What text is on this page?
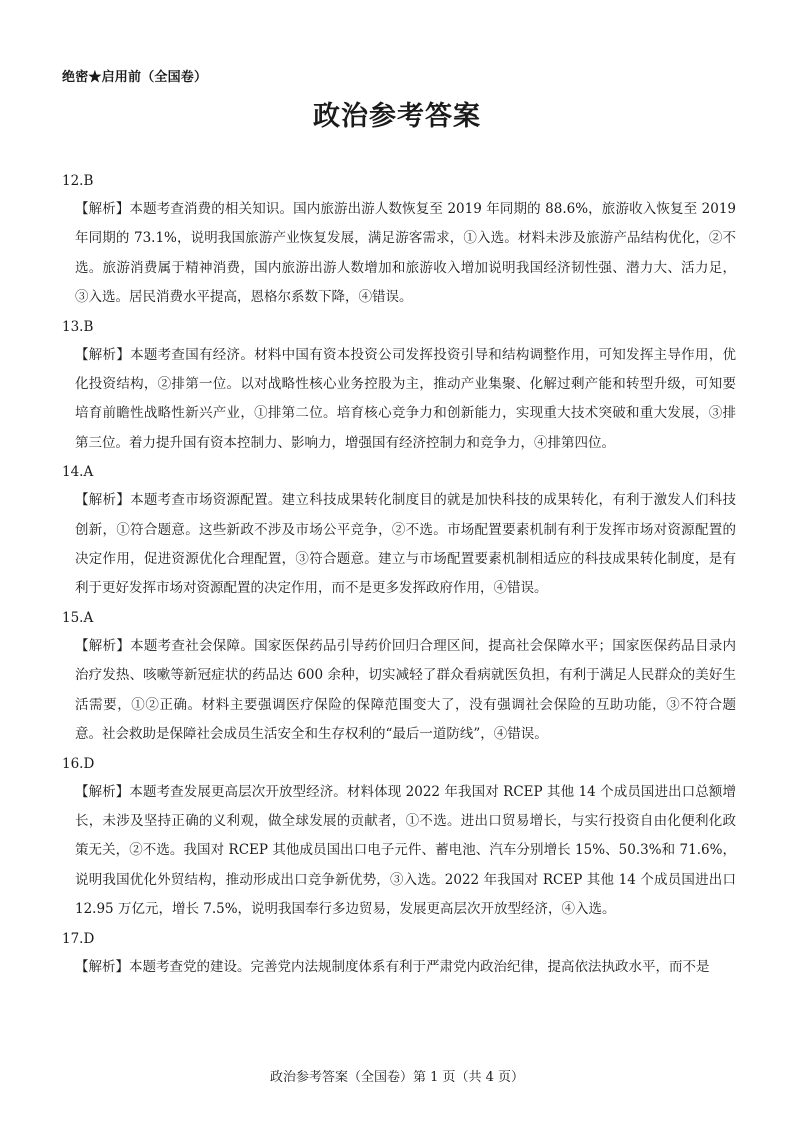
绝密★启用前（全国卷）
政治参考答案
12.B
【解析】本题考查消费的相关知识。国内旅游出游人数恢复至 2019 年同期的 88.6%，旅游收入恢复至 2019 年同期的 73.1%，说明我国旅游产业恢复发展，满足游客需求，①入选。材料未涉及旅游产品结构优化，②不选。旅游消费属于精神消费，国内旅游出游人数增加和旅游收入增加说明我国经济韧性强、潜力大、活力足，③入选。居民消费水平提高，恩格尔系数下降，④错误。
13.B
【解析】本题考查国有经济。材料中国有资本投资公司发挥投资引导和结构调整作用，可知发挥主导作用，优化投资结构，②排第一位。以对战略性核心业务控股为主，推动产业集聚、化解过剩产能和转型升级，可知要培育前瞻性战略性新兴产业，①排第二位。培育核心竞争力和创新能力，实现重大技术突破和重大发展，③排第三位。着力提升国有资本控制力、影响力，增强国有经济控制力和竞争力，④排第四位。
14.A
【解析】本题考查市场资源配置。建立科技成果转化制度目的就是加快科技的成果转化，有利于激发人们科技创新，①符合题意。这些新政不涉及市场公平竞争，②不选。市场配置要素机制有利于发挥市场对资源配置的决定作用，促进资源优化合理配置，③符合题意。建立与市场配置要素机制相适应的科技成果转化制度，是有利于更好发挥市场对资源配置的决定作用，而不是更多发挥政府作用，④错误。
15.A
【解析】本题考查社会保障。国家医保药品引导药价回归合理区间，提高社会保障水平；国家医保药品目录内治疗发热、咳嗽等新冠症状的药品达 600 余种，切实减轻了群众看病就医负担，有利于满足人民群众的美好生活需要，①②正确。材料主要强调医疗保险的保障范围变大了，没有强调社会保险的互助功能，③不符合题意。社会救助是保障社会成员生活安全和生存权利的“最后一道防线”，④错误。
16.D
【解析】本题考查发展更高层次开放型经济。材料体现 2022 年我国对 RCEP 其他 14 个成员国进出口总额增长，未涉及坚持正确的义利观，做全球发展的贡献者，①不选。进出口贸易增长，与实行投资自由化便利化政策无关，②不选。我国对 RCEP 其他成员国出口电子元件、蓄电池、汽车分别增长 15%、50.3%和 71.6%，说明我国优化外贸结构，推动形成出口竞争新优势，③入选。2022 年我国对 RCEP 其他 14 个成员国进出口 12.95 万亿元，增长 7.5%，说明我国奉行多边贸易，发展更高层次开放型经济，④入选。
17.D
【解析】本题考查党的建设。完善党内法规制度体系有利于严肃党内政治纪律，提高依法执政水平，而不是
政治参考答案（全国卷）第 1 页（共 4 页）
